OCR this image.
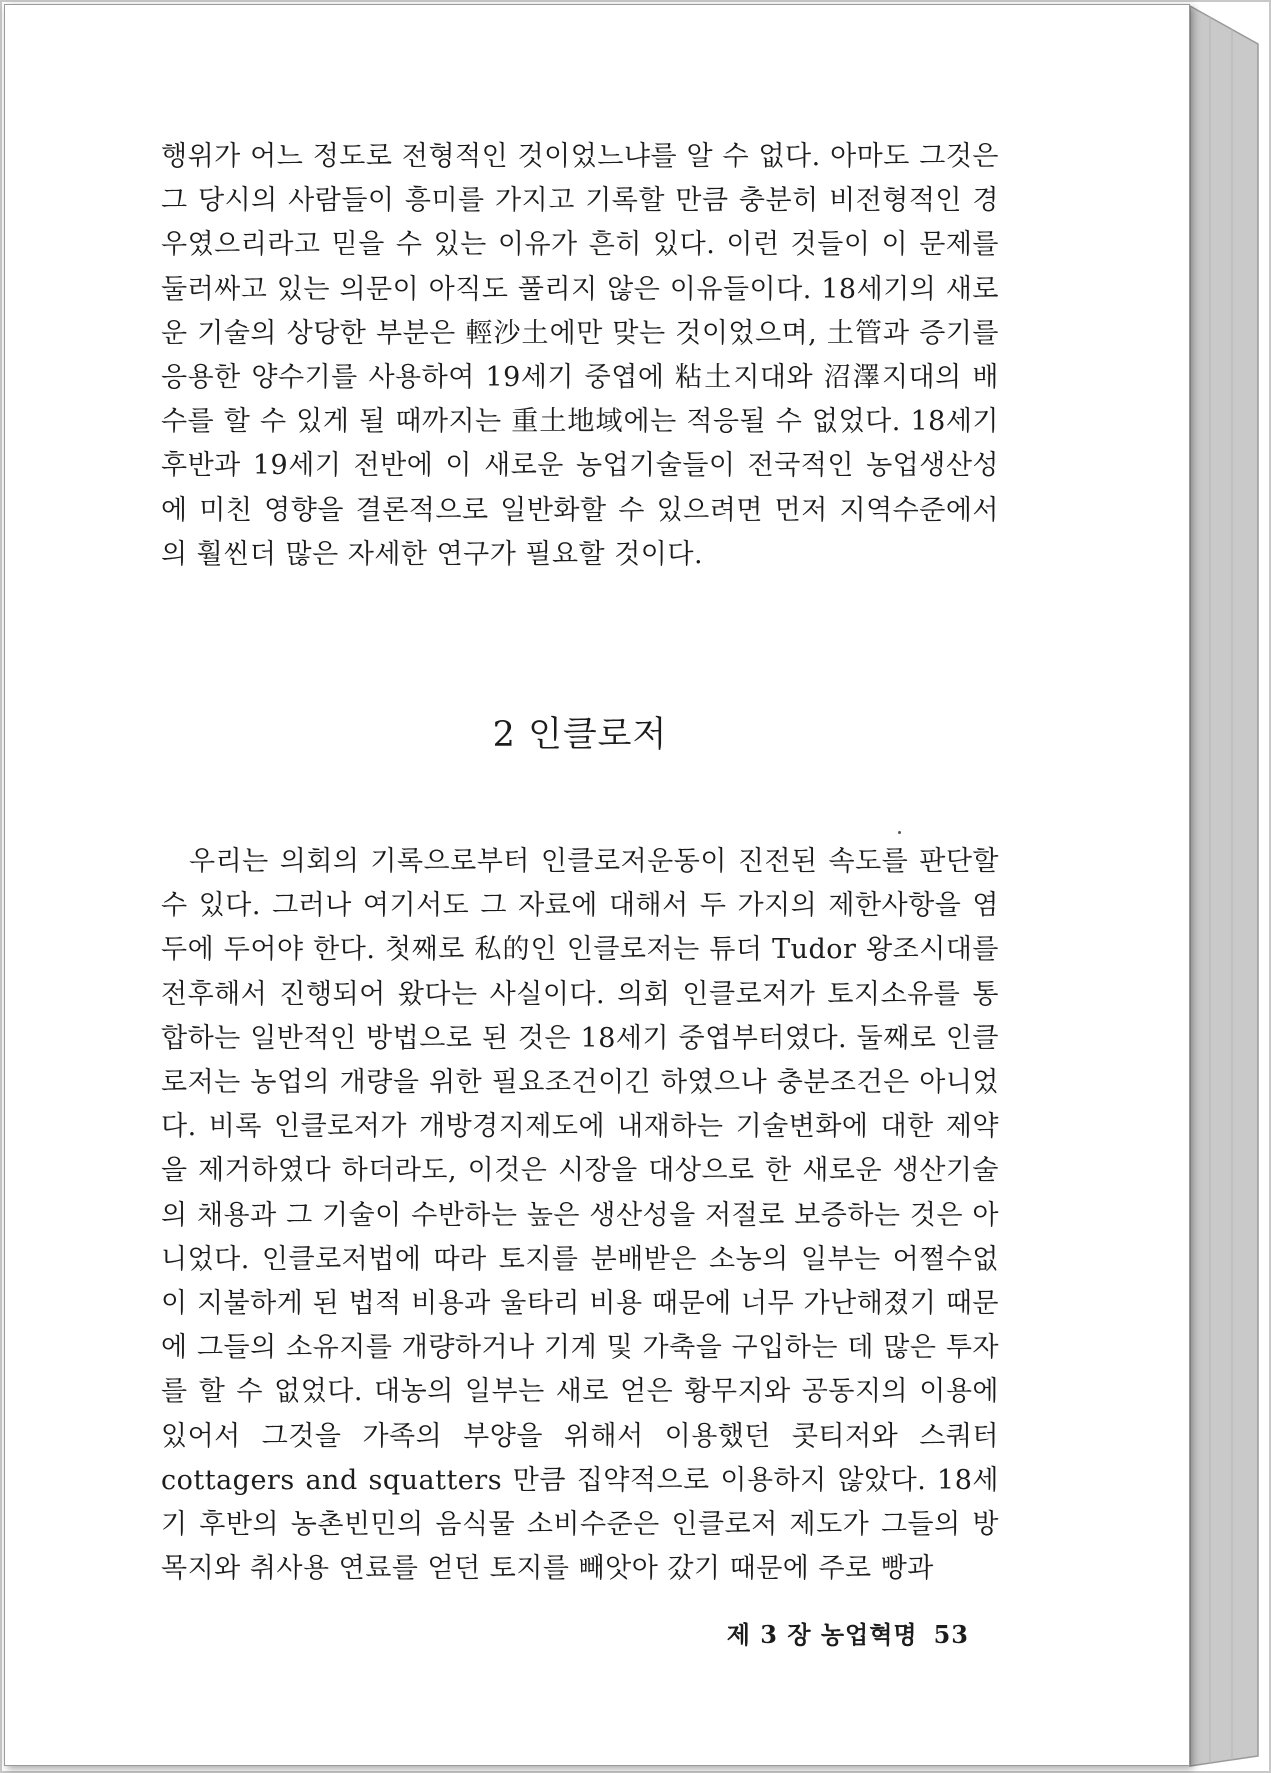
행위가 어느 정도로 전형적인 것이었느냐를 알 수 없다. 아마도 그것은 그 당시의 사람들이 흥미를 가지고 기록할 만큼 충분히 비전형적인 경우였으리라고 믿을 수 있는 이유가 흔히 있다. 이런 것들이 이 문제를 둘러싸고 있는 의문이 아직도 풀리지 않은 이유들이다. 18세기의 새로운 기술의 상당한 부분은 輕沙土에만 맞는 것이었으며, 土管과 증기를 응용한 양수기를 사용하여 19세기 중엽에 粘土지대와 沼澤지대의 배수를 할 수 있게 될 때까지는 重土地域에는 적응될 수 없었다. 18세기 후반과 19세기 전반에 이 새로운 농업기술들이 전국적인 농업생산성에 미친 영향을 결론적으로 일반화할 수 있으려면 먼저 지역수준에서의 훨씬더 많은 자세한 연구가 필요할 것이다.
2 인클로저
우리는 의회의 기록으로부터 인클로저운동이 진전된 속도를 판단할 수 있다. 그러나 여기서도 그 자료에 대해서 두 가지의 제한사항을 염두에 두어야 한다. 첫째로 私的인 인클로저는 튜더 Tudor 왕조시대를 전후해서 진행되어 왔다는 사실이다. 의회 인클로저가 토지소유를 통합하는 일반적인 방법으로 된 것은 18세기 중엽부터였다. 둘째로 인클로저는 농업의 개량을 위한 필요조건이긴 하였으나 충분조건은 아니었다. 비록 인클로저가 개방경지제도에 내재하는 기술변화에 대한 제약을 제거하였다 하더라도, 이것은 시장을 대상으로 한 새로운 생산기술의 채용과 그 기술이 수반하는 높은 생산성을 저절로 보증하는 것은 아니었다. 인클로저법에 따라 토지를 분배받은 소농의 일부는 어쩔수없이 지불하게 된 법적 비용과 울타리 비용 때문에 너무 가난해졌기 때문에 그들의 소유지를 개량하거나 기계 및 가축을 구입하는 데 많은 투자를 할 수 없었다. 대농의 일부는 새로 얻은 황무지와 공동지의 이용에 있어서 그것을 가족의 부양을 위해서 이용했던 콧티저와 스쿼터 cottagers and squatters 만큼 집약적으로 이용하지 않았다. 18세기 후반의 농촌빈민의 음식물 소비수준은 인클로저 제도가 그들의 방목지와 취사용 연료를 얻던 토지를 빼앗아 갔기 때문에 주로 빵과
제 3 장 농업혁명 53
